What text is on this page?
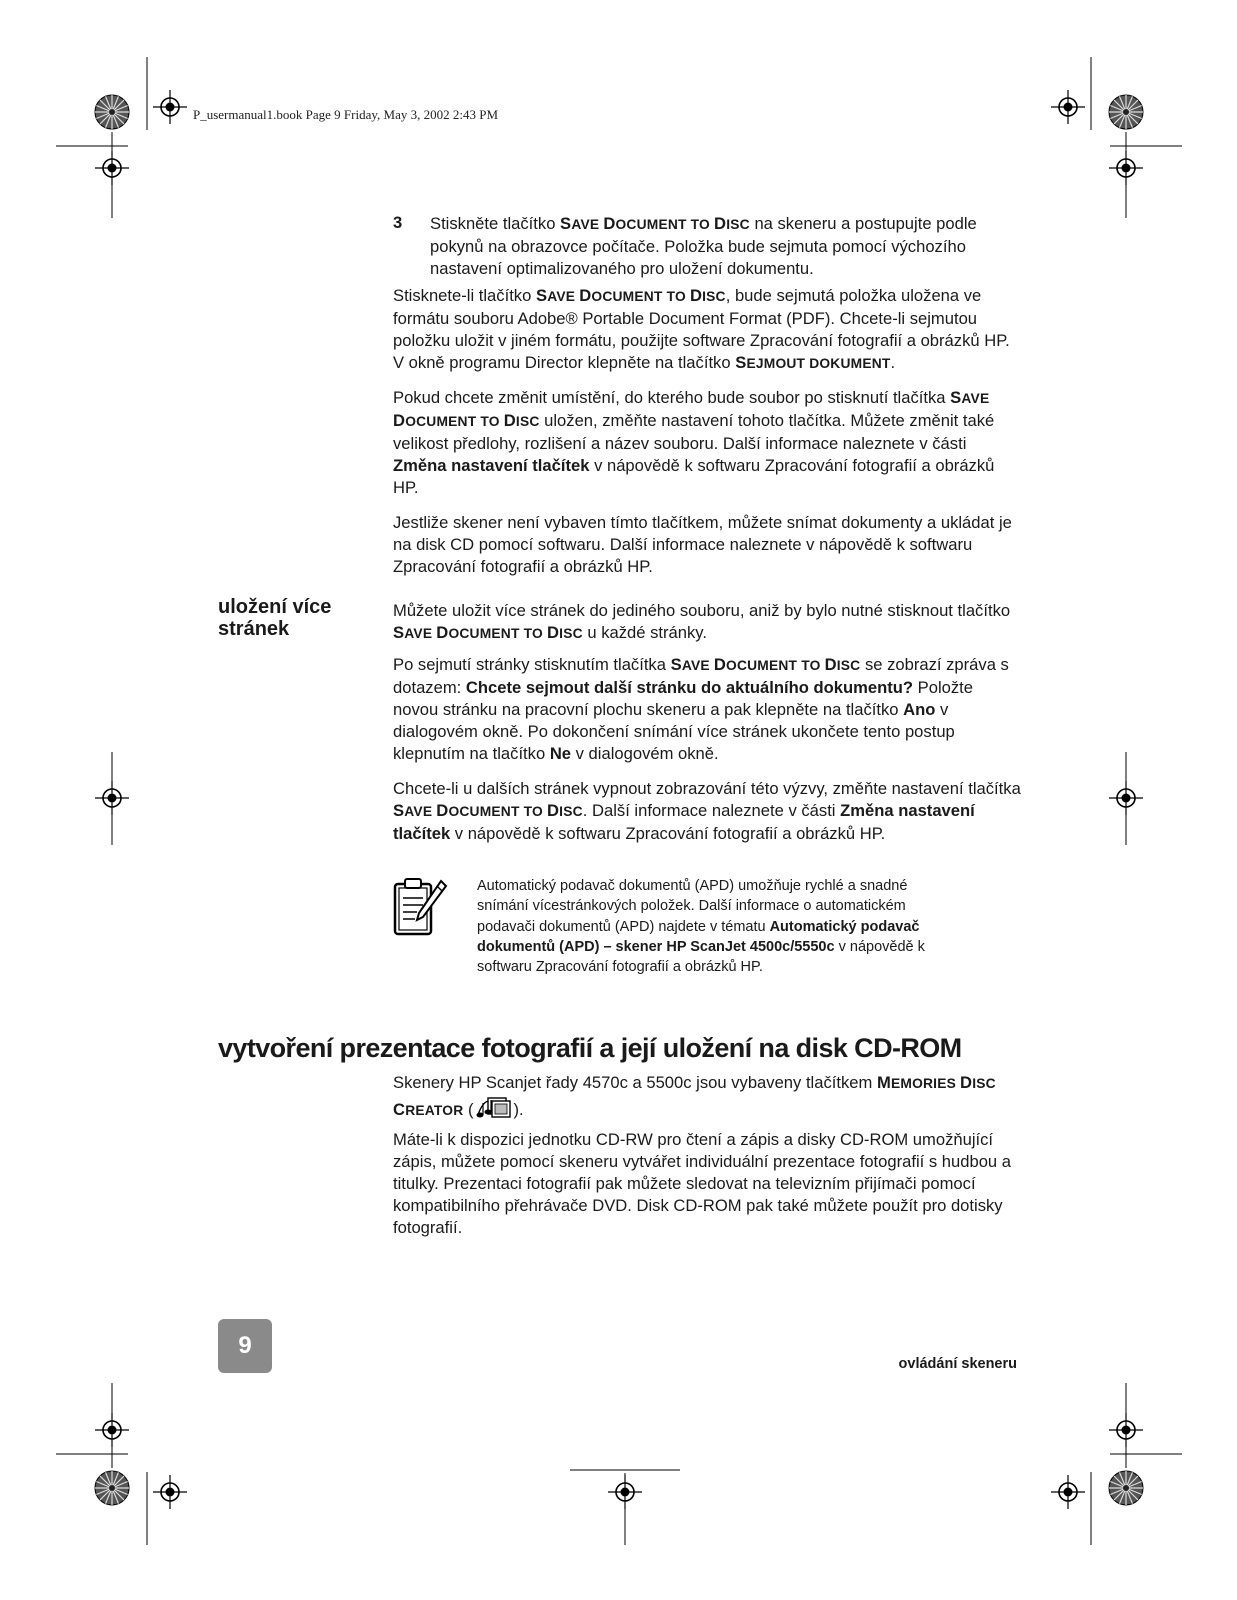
P_usermanual1.book Page 9 Friday, May 3, 2002 2:43 PM
3 Stiskněte tlačítko SAVE DOCUMENT TO DISC na skeneru a postupujte podle pokynů na obrazovce počítače. Položka bude sejmuta pomocí výchozího nastavení optimalizovaného pro uložení dokumentu.

Stisknete-li tlačítko SAVE DOCUMENT TO DISC, bude sejmutá položka uložena ve formátu souboru Adobe® Portable Document Format (PDF). Chcete-li sejmutou položku uložit v jiném formátu, použijte software Zpracování fotografií a obrázků HP. V okně programu Director klepněte na tlačítko SEJMOUT DOKUMENT.

Pokud chcete změnit umístění, do kterého bude soubor po stisknutí tlačítka SAVE DOCUMENT TO DISC uložen, změňte nastavení tohoto tlačítka. Můžete změnit také velikost předlohy, rozlišení a název souboru. Další informace naleznete v části Změna nastavení tlačítek v nápovědě k softwaru Zpracování fotografií a obrázků HP.

Jestliže skener není vybaven tímto tlačítkem, můžete snímat dokumenty a ukládat je na disk CD pomocí softwaru. Další informace naleznete v nápovědě k softwaru Zpracování fotografií a obrázků HP.

uložení více
stránek

Můžete uložit více stránek do jediného souboru, aniž by bylo nutné stisknout tlačítko SAVE DOCUMENT TO DISC u každé stránky.

Po sejmutí stránky stisknutím tlačítka SAVE DOCUMENT TO DISC se zobrazí zpráva s dotazem: Chcete sejmout další stránku do aktuálního dokumentu? Položte novou stránku na pracovní plochu skeneru a pak klepněte na tlačítko Ano v dialogovém okně. Po dokončení snímání více stránek ukončete tento postup klepnutím na tlačítko Ne v dialogovém okně.

Chcete-li u dalších stránek vypnout zobrazování této výzvy, změňte nastavení tlačítka SAVE DOCUMENT TO DISC. Další informace naleznete v části Změna nastavení tlačítek v nápovědě k softwaru Zpracování fotografií a obrázků HP.

Automatický podavač dokumentů (APD) umožňuje rychlé a snadné snímání vícestránkových položek. Další informace o automatickém podavači dokumentů (APD) najdete v tématu Automatický podavač dokumentů (APD) – skener HP ScanJet 4500c/5550c v nápovědě k softwaru Zpracování fotografií a obrázků HP.
vytvoření prezentace fotografií a její uložení na disk CD-ROM

Skenery HP Scanjet řady 4570c a 5500c jsou vybaveny tlačítkem MEMORIES DISC CREATOR ( ).

Máte-li k dispozici jednotku CD-RW pro čtení a zápis a disky CD-ROM umožňující zápis, můžete pomocí skeneru vytvářet individuální prezentace fotografií s hudbou a titulky. Prezentaci fotografií pak můžete sledovat na televizním přijímači pomocí kompatibilního přehrávače DVD. Disk CD-ROM pak také můžete použít pro dotisky fotografií.

9
ovládání skeneru
